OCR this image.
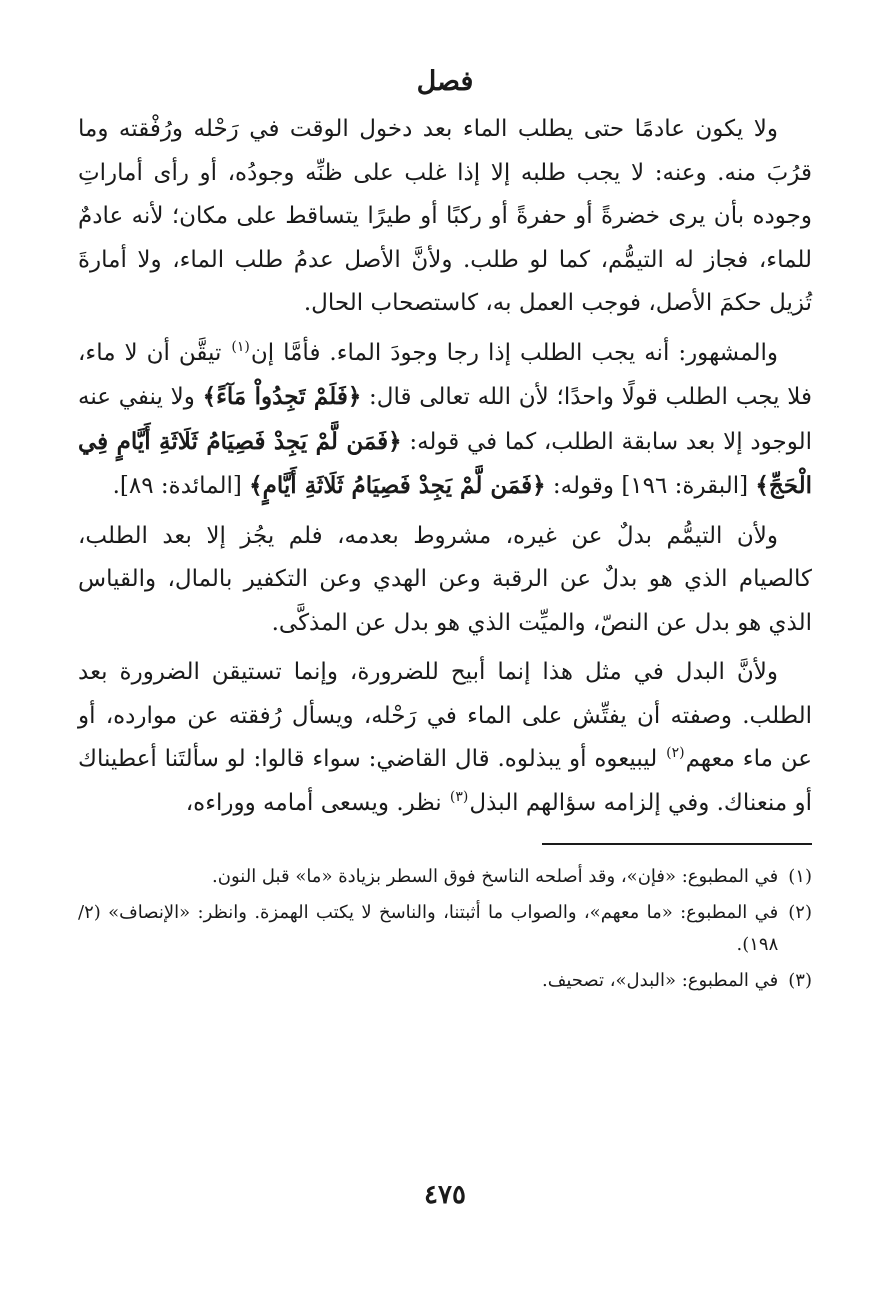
فصل

ولا يكون عادمًا حتى يطلب الماء بعد دخول الوقت في رَحْله ورُفْقته وما قرُبَ منه. وعنه: لا يجب طلبه إلا إذا غلب على ظنِّه وجودُه، أو رأى أماراتِ وجوده بأن يرى خضرةً أو حفرةً أو ركبًا أو طيرًا يتساقط على مكان؛ لأنه عادمٌ للماء، فجاز له التيمُّم، كما لو طلب. ولأنَّ الأصل عدمُ طلب الماء، ولا أمارةَ تُزيل حكمَ الأصل، فوجب العمل به، كاستصحاب الحال.

والمشهور: أنه يجب الطلب إذا رجا وجودَ الماء. فأمَّا إن$^{(١)}$ تيقَّن أن لا ماء، فلا يجب الطلب قولًا واحدًا؛ لأن الله تعالى قال: ﴿فَلَمْ تَجِدُواْ مَآءً﴾ ولا ينفي عنه الوجود إلا بعد سابقة الطلب، كما في قوله: ﴿فَمَن لَّمْ يَجِدْ فَصِيَامُ ثَلَاثَةِ أَيَّامٍ فِي الْحَجِّ﴾ [البقرة: ١٩٦] وقوله: ﴿فَمَن لَّمْ يَجِدْ فَصِيَامُ ثَلَاثَةِ أَيَّامٍ﴾ [المائدة: ٨٩].

ولأن التيمُّم بدلٌ عن غيره، مشروط بعدمه، فلم يجُز إلا بعد الطلب، كالصيام الذي هو بدلٌ عن الرقبة وعن الهدي وعن التكفير بالمال، والقياس الذي هو بدل عن النصّ، والميِّت الذي هو بدل عن المذكَّى.

ولأنَّ البدل في مثل هذا إنما أبيح للضرورة، وإنما تستيقن الضرورة بعد الطلب. وصفته أن يفتِّش على الماء في رَحْله، ويسأل رُفقته عن موارده، أو عن ماء معهم$^{(٢)}$ ليبيعوه أو يبذلوه. قال القاضي: سواء قالوا: لو سألتَنا أعطيناك أو منعناك. وفي إلزامه سؤالهم البذل$^{(٣)}$ نظر. ويسعى أمامه ووراءه،

(١)
في المطبوع: «فإن»، وقد أصلحه الناسخ فوق السطر بزيادة «ما» قبل النون.
(٢)
في المطبوع: «ما معهم»، والصواب ما أثبتنا، والناسخ لا يكتب الهمزة. وانظر: «الإنصاف» (٢/ ١٩٨).
(٣)
في المطبوع: «البدل»، تصحيف.
٤٧٥
